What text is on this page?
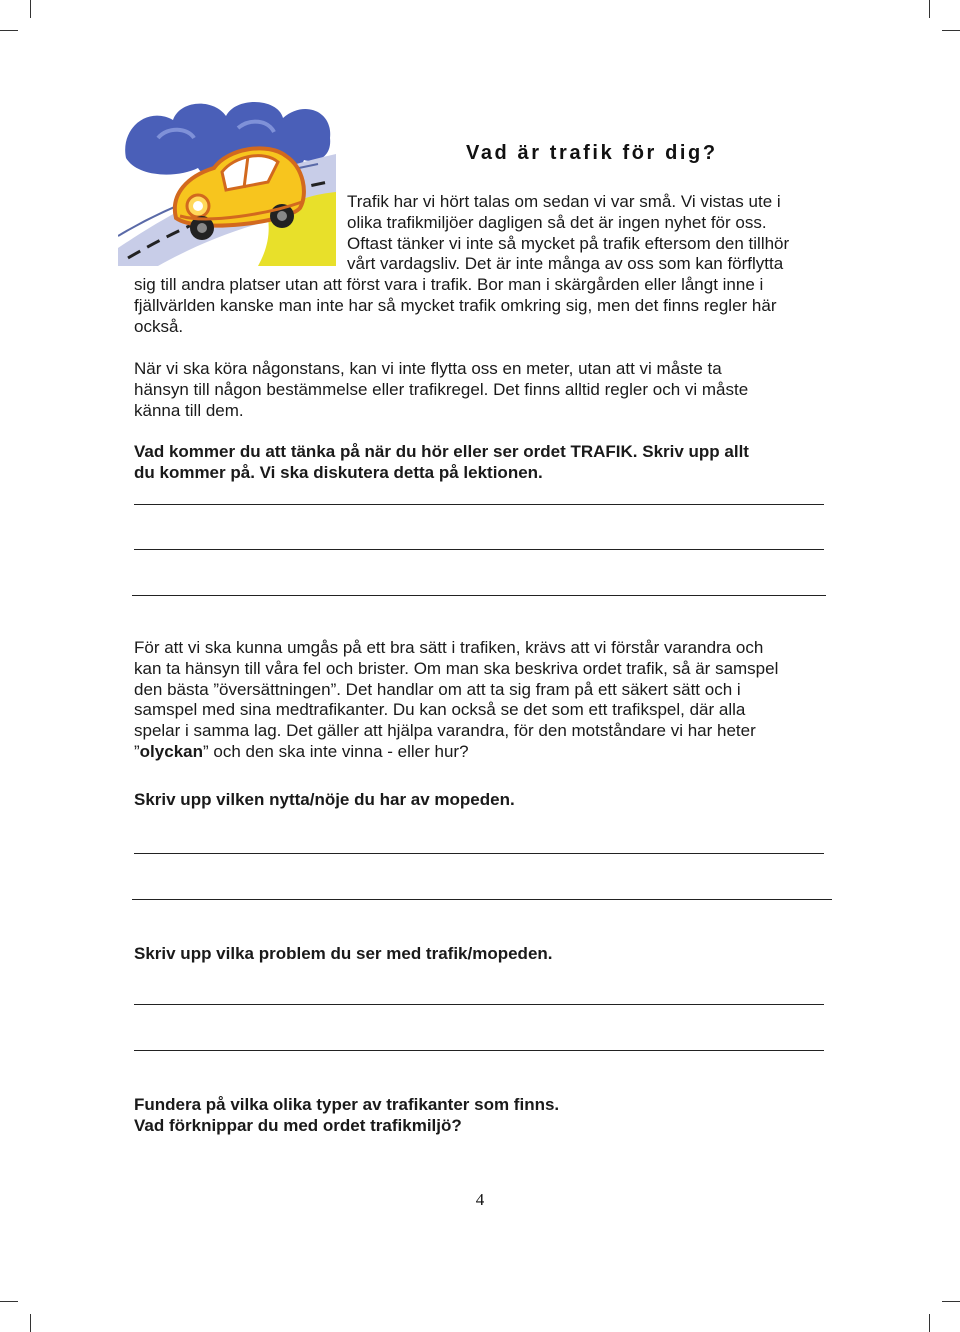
Vad är trafik för dig?
Trafik har vi hört talas om sedan vi var små. Vi vistas ute i
olika trafikmiljöer dagligen så det är ingen nyhet för oss.
Oftast tänker vi inte så mycket på trafik eftersom den tillhör
vårt vardagsliv. Det är inte många av oss som kan förflytta
sig till andra platser utan att först vara i trafik. Bor man i skärgården eller långt inne i
fjällvärlden kanske man inte har så mycket trafik omkring sig, men det finns regler här
också.
När vi ska köra någonstans, kan vi inte flytta oss en meter, utan att vi måste ta
hänsyn till någon bestämmelse eller trafikregel. Det finns alltid regler och vi måste
känna till dem.
Vad kommer du att tänka på när du hör eller ser ordet TRAFIK. Skriv upp allt
du kommer på. Vi ska diskutera detta på lektionen.
För att vi ska kunna umgås på ett bra sätt i trafiken, krävs att vi förstår varandra och
kan ta hänsyn till våra fel och brister. Om man ska beskriva ordet trafik, så är samspel
den bästa ”översättningen”. Det handlar om att ta sig fram på ett säkert sätt och i
samspel med sina medtrafikanter. Du kan också se det som ett trafikspel, där alla
spelar i samma lag. Det gäller att hjälpa varandra, för den motståndare vi har heter
”olyckan” och den ska inte vinna - eller hur?

Skriv upp vilken nytta/nöje du har av mopeden.

Skriv upp vilka problem du ser med trafik/mopeden.

Fundera på vilka olika typer av trafikanter som finns.
Vad förknippar du med ordet trafikmiljö?

4
